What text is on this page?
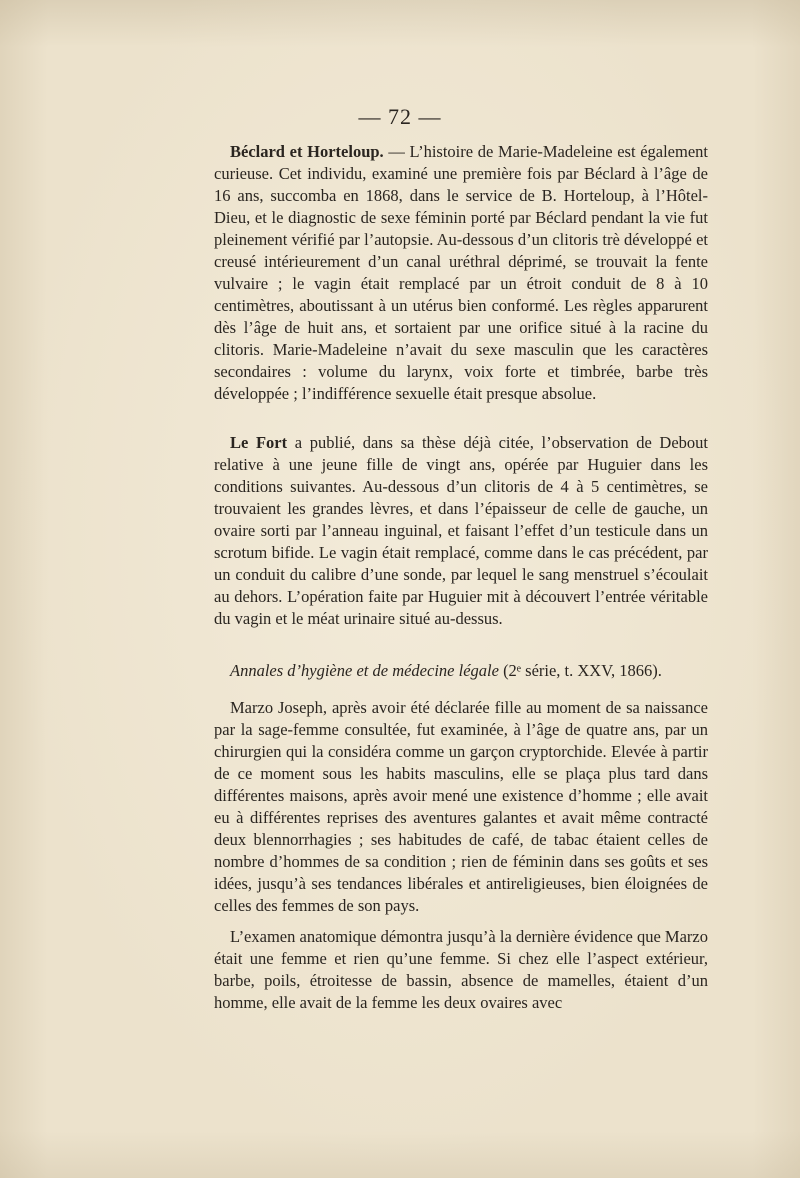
— 72 —

Béclard et Horteloup. — L’histoire de Marie-Madeleine est également curieuse. Cet individu, examiné une première fois par Béclard à l’âge de 16 ans, succomba en 1868, dans le service de B. Horteloup, à l’Hôtel-Dieu, et le diagnostic de sexe féminin porté par Béclard pendant la vie fut pleinement vérifié par l’autopsie. Au-dessous d’un clitoris trè développé et creusé intérieurement d’un canal uréthral déprimé, se trouvait la fente vulvaire ; le vagin était remplacé par un étroit conduit de 8 à 10 centimètres, aboutissant à un utérus bien conformé. Les règles apparurent dès l’âge de huit ans, et sortaient par une orifice situé à la racine du clitoris. Marie-Madeleine n’avait du sexe masculin que les caractères secondaires : volume du larynx, voix forte et timbrée, barbe très développée ; l’indifférence sexuelle était presque absolue.

Le Fort a publié, dans sa thèse déjà citée, l’observation de Debout relative à une jeune fille de vingt ans, opérée par Huguier dans les conditions suivantes. Au-dessous d’un clitoris de 4 à 5 centimètres, se trouvaient les grandes lèvres, et dans l’épaisseur de celle de gauche, un ovaire sorti par l’anneau inguinal, et faisant l’effet d’un testicule dans un scrotum bifide. Le vagin était remplacé, comme dans le cas précédent, par un conduit du calibre d’une sonde, par lequel le sang menstruel s’écoulait au dehors. L’opération faite par Huguier mit à découvert l’entrée véritable du vagin et le méat urinaire situé au-dessus.

Annales d’hygiène et de médecine légale (2ᵉ série, t. XXV, 1866).

Marzo Joseph, après avoir été déclarée fille au moment de sa naissance par la sage-femme consultée, fut examinée, à l’âge de quatre ans, par un chirurgien qui la considéra comme un garçon cryptorchide. Elevée à partir de ce moment sous les habits masculins, elle se plaça plus tard dans différentes maisons, après avoir mené une existence d’homme ; elle avait eu à différentes reprises des aventures galantes et avait même contracté deux blennorrhagies ; ses habitudes de café, de tabac étaient celles de nombre d’hommes de sa condition ; rien de féminin dans ses goûts et ses idées, jusqu’à ses tendances libérales et antireligieuses, bien éloignées de celles des femmes de son pays.

L’examen anatomique démontra jusqu’à la dernière évidence que Marzo était une femme et rien qu’une femme. Si chez elle l’aspect extérieur, barbe, poils, étroitesse de bassin, absence de mamelles, étaient d’un homme, elle avait de la femme les deux ovaires avec
